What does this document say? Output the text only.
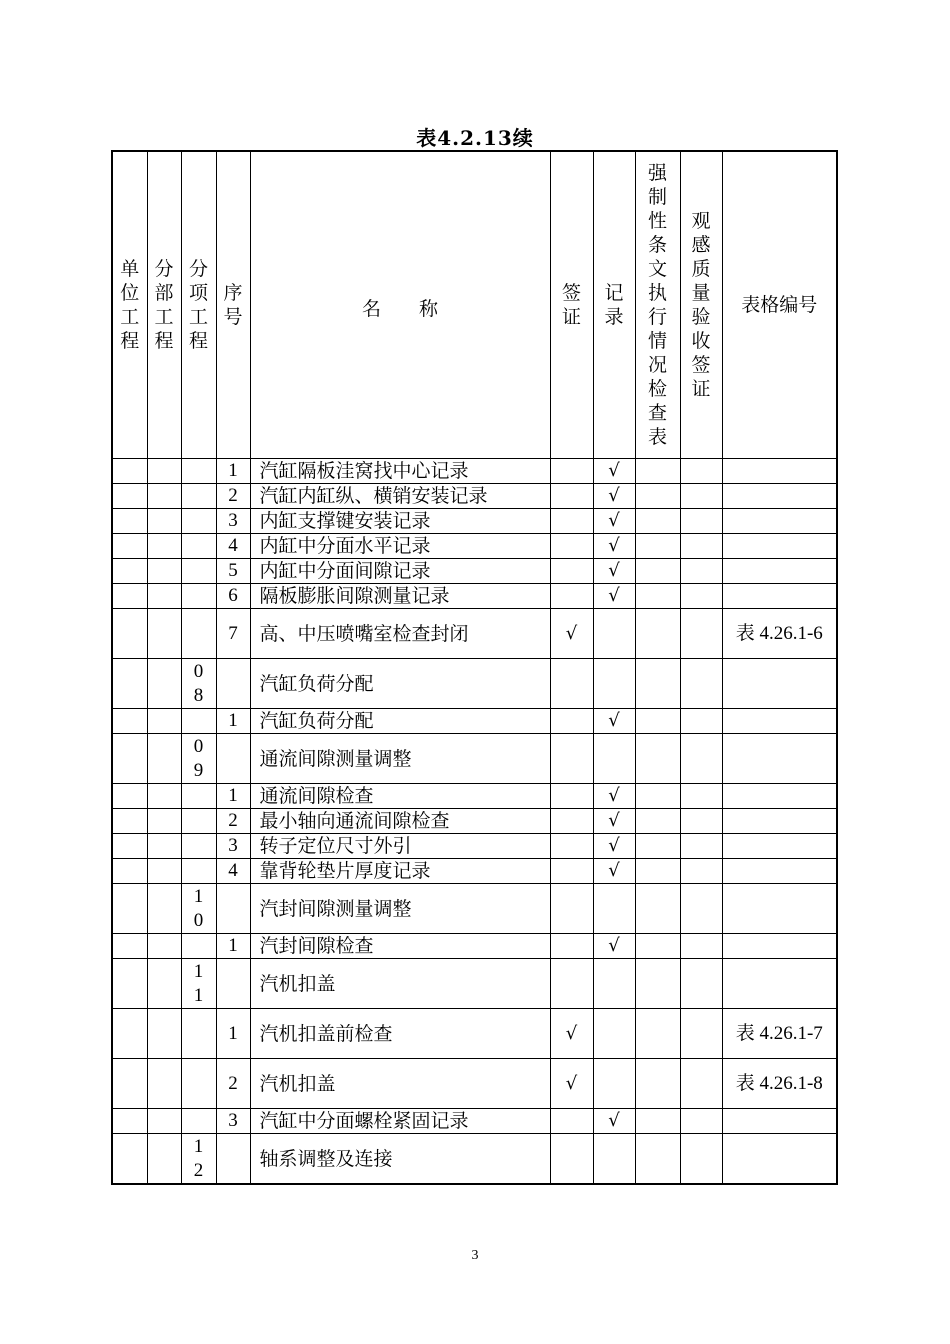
表4.2.13续
单位工程	分部工程	分项工程	序号	名　　称	签证	记录	强制性条文执行情况检查表	观感质量验收签证	表格编号
			1	汽缸隔板洼窝找中心记录		√			
			2	汽缸内缸纵、横销安装记录		√			
			3	内缸支撑键安装记录		√			
			4	内缸中分面水平记录		√			
			5	内缸中分面间隙记录		√			
			6	隔板膨胀间隙测量记录		√			
			7	高、中压喷嘴室检查封闭	√				表 4.26.1-6
		08		汽缸负荷分配					
			1	汽缸负荷分配		√			
		09		通流间隙测量调整					
			1	通流间隙检查		√			
			2	最小轴向通流间隙检查		√			
			3	转子定位尺寸外引		√			
			4	靠背轮垫片厚度记录		√			
		10		汽封间隙测量调整					
			1	汽封间隙检查		√			
		11		汽机扣盖					
			1	汽机扣盖前检查	√				表 4.26.1-7
			2	汽机扣盖	√				表 4.26.1-8
			3	汽缸中分面螺栓紧固记录		√			
		12		轴系调整及连接					
3
